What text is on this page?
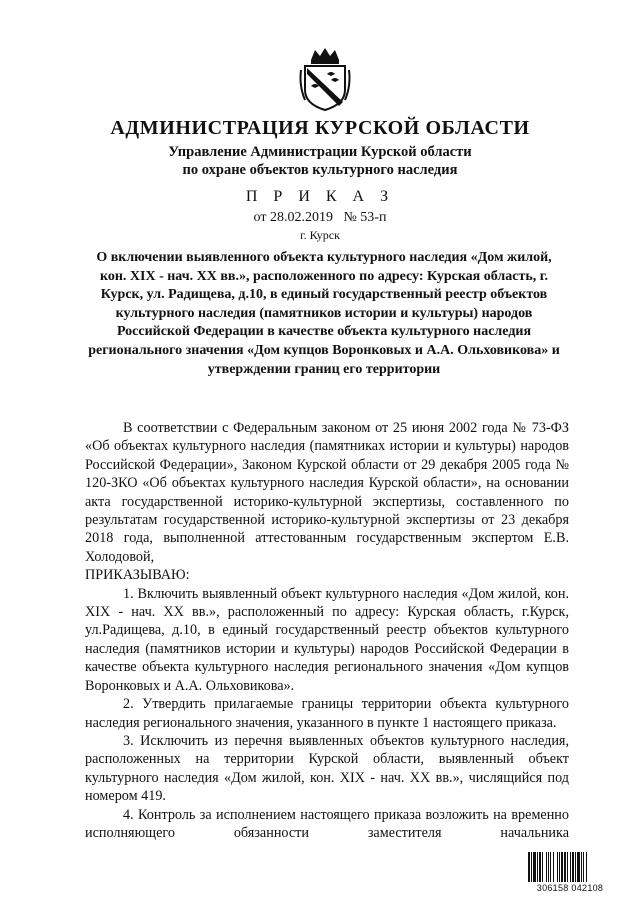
АДМИНИСТРАЦИЯ КУРСКОЙ ОБЛАСТИ
Управление Администрации Курской области
по охране объектов культурного наследия
П Р И К А З
от 28.02.2019   № 53-п
г. Курск
О включении выявленного объекта культурного наследия «Дом жилой, кон. XIX - нач. XX вв.», расположенного по адресу: Курская область, г. Курск, ул. Радищева, д.10, в единый государственный реестр объектов культурного наследия (памятников истории и культуры) народов Российской Федерации в качестве объекта культурного наследия регионального значения «Дом купцов Воронковых и А.А. Ольховикова» и утверждении границ его территории

В соответствии с Федеральным законом от 25 июня 2002 года № 73-ФЗ «Об объектах культурного наследия (памятниках истории и культуры) народов Российской Федерации», Законом Курской области от 29 декабря 2005 года № 120-ЗКО «Об объектах культурного наследия Курской области», на основании акта государственной историко-культурной экспертизы, составленного по результатам государственной историко-культурной экспертизы от 23 декабря 2018 года, выполненной аттестованным государственным экспертом Е.В. Холодовой,

ПРИКАЗЫВАЮ:

1. Включить выявленный объект культурного наследия «Дом жилой, кон. XIX - нач. XX вв.», расположенный по адресу: Курская область, г.Курск, ул.Радищева, д.10, в единый государственный реестр объектов культурного наследия (памятников истории и культуры) народов Российской Федерации в качестве объекта культурного наследия регионального значения «Дом купцов Воронковых и А.А. Ольховикова».

2. Утвердить прилагаемые границы территории объекта культурного наследия регионального значения, указанного в пункте 1 настоящего приказа.

3. Исключить из перечня выявленных объектов культурного наследия, расположенных на территории Курской области, выявленный объект культурного наследия «Дом жилой, кон. XIX - нач. XX вв.», числящийся под номером 419.

4. Контроль за исполнением настоящего приказа возложить на временно исполняющего обязанности заместителя начальника

306158 042108
